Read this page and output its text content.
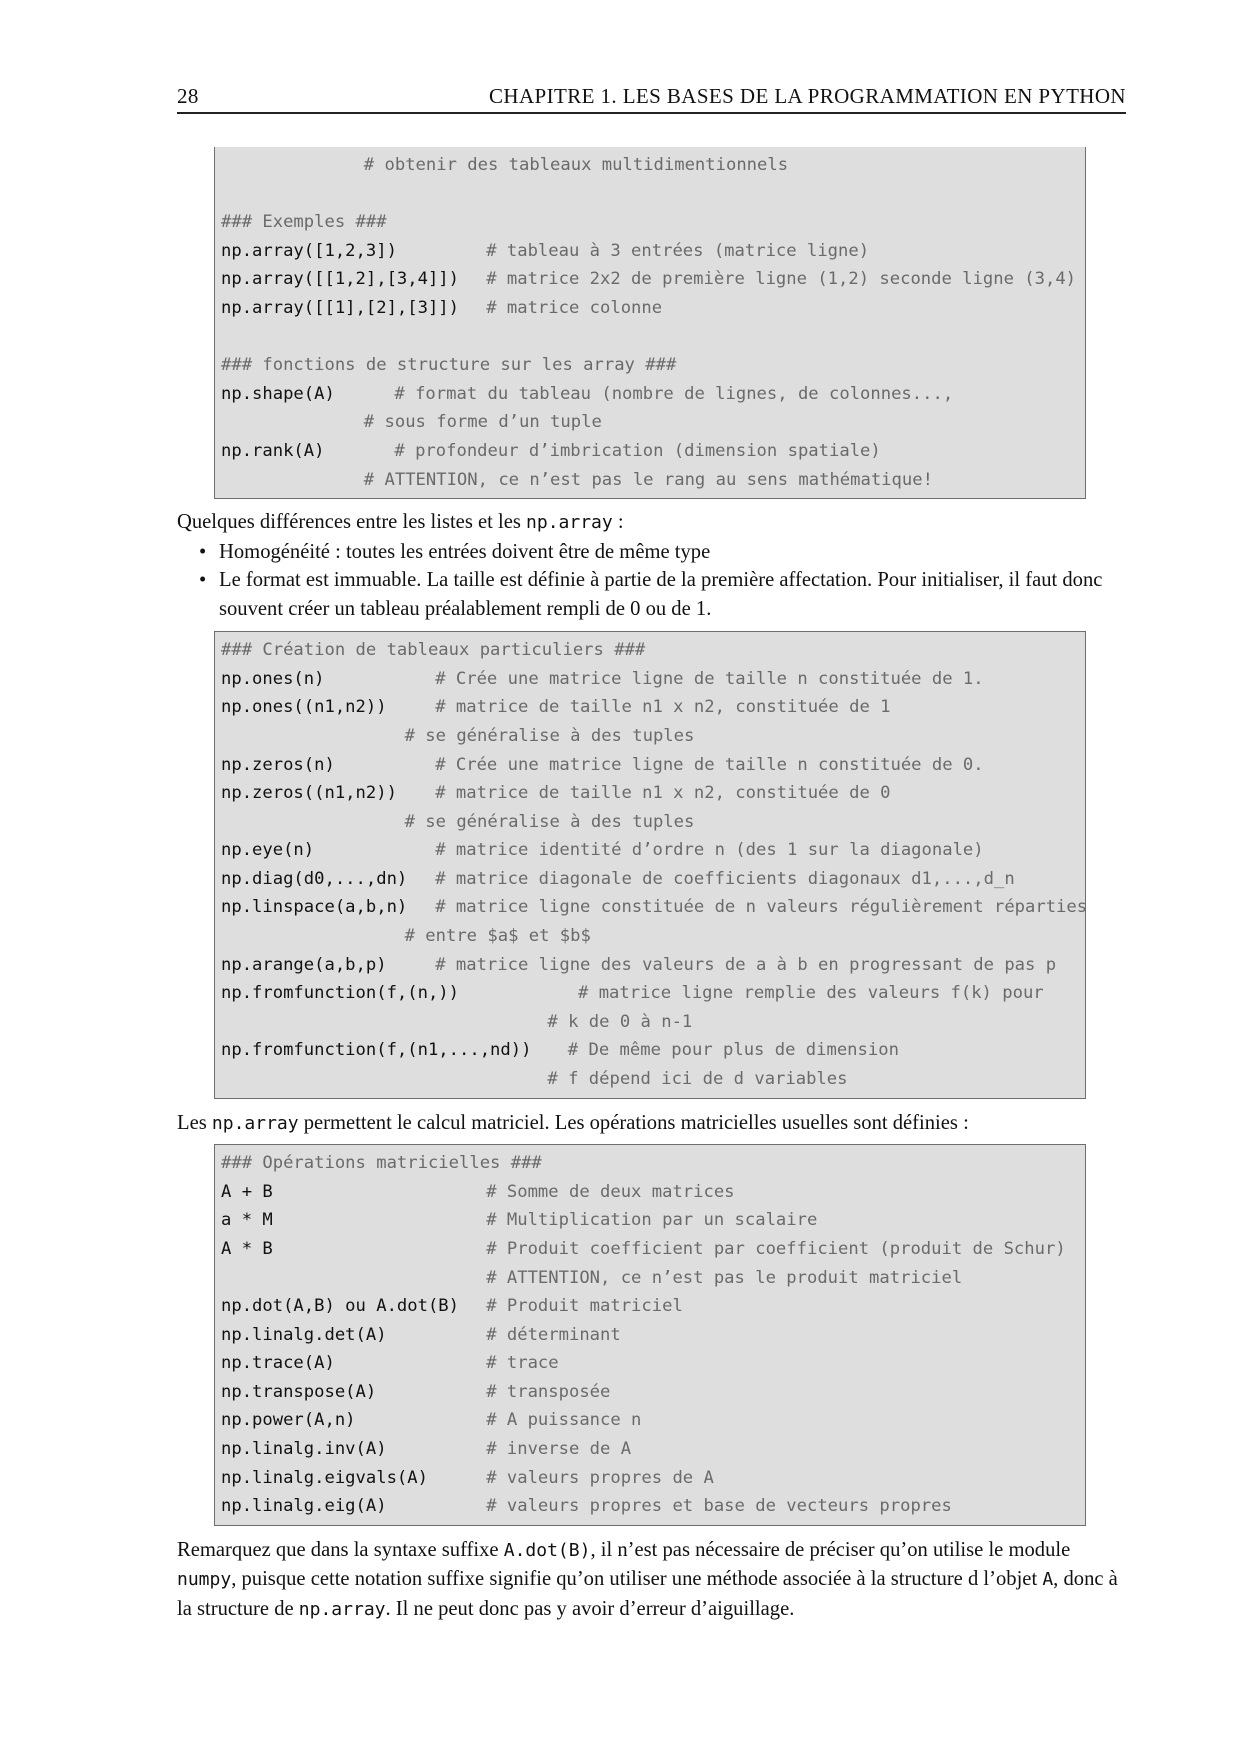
28	CHAPITRE 1. LES BASES DE LA PROGRAMMATION EN PYTHON
# obtenir des tableaux multidimentionnels
### Exemples ###
np.array([1,2,3])	# tableau à 3 entrées (matrice ligne)
np.array([[1,2],[3,4]]) # matrice 2x2 de première ligne (1,2) seconde ligne (3,4)
np.array([[1],[2],[3]]) # matrice colonne
### fonctions de structure sur les array ###
np.shape(A)	# format du tableau (nombre de lignes, de colonnes...,
# sous forme d’un tuple
np.rank(A)	# profondeur d’imbrication (dimension spatiale)
# ATTENTION, ce n’est pas le rang au sens mathématique!
Quelques différences entre les listes et les np.array :
• Homogénéité : toutes les entrées doivent être de même type
• Le format est immuable. La taille est définie à partie de la première affectation. Pour initialiser, il faut donc souvent créer un tableau préalablement rempli de 0 ou de 1.
### Création de tableaux particuliers ###
np.ones(n)	# Crée une matrice ligne de taille n constituée de 1.
np.ones((n1,n2))	# matrice de taille n1 x n2, constituée de 1
# se généralise à des tuples
np.zeros(n)	# Crée une matrice ligne de taille n constituée de 0.
np.zeros((n1,n2)) # matrice de taille n1 x n2, constituée de 0
# se généralise à des tuples
np.eye(n)	# matrice identité d’ordre n (des 1 sur la diagonale)
np.diag(d0,...,dn) # matrice diagonale de coefficients diagonaux d1,...,d_n
np.linspace(a,b,n) # matrice ligne constituée de n valeurs régulièrement réparties
# entre $a$ et $b$
np.arange(a,b,p)	# matrice ligne des valeurs de a à b en progressant de pas p
np.fromfunction(f,(n,))	# matrice ligne remplie des valeurs f(k) pour
# k de 0 à n-1
np.fromfunction(f,(n1,...,nd)) # De même pour plus de dimension
# f dépend ici de d variables
Les np.array permettent le calcul matriciel. Les opérations matricielles usuelles sont définies :
### Opérations matricielles ###
A + B	# Somme de deux matrices
a * M	# Multiplication par un scalaire
A * B	# Produit coefficient par coefficient (produit de Schur)
# ATTENTION, ce n’est pas le produit matriciel
np.dot(A,B) ou A.dot(B) # Produit matriciel
np.linalg.det(A)	# déterminant
np.trace(A)	# trace
np.transpose(A)	# transposée
np.power(A,n)	# A puissance n
np.linalg.inv(A)	# inverse de A
np.linalg.eigvals(A)	# valeurs propres de A
np.linalg.eig(A)	# valeurs propres et base de vecteurs propres
Remarquez que dans la syntaxe suffixe A.dot(B), il n’est pas nécessaire de préciser qu’on utilise le module numpy, puisque cette notation suffixe signifie qu’on utiliser une méthode associée à la structure d l’objet A, donc à la structure de np.array. Il ne peut donc pas y avoir d’erreur d’aiguillage.
